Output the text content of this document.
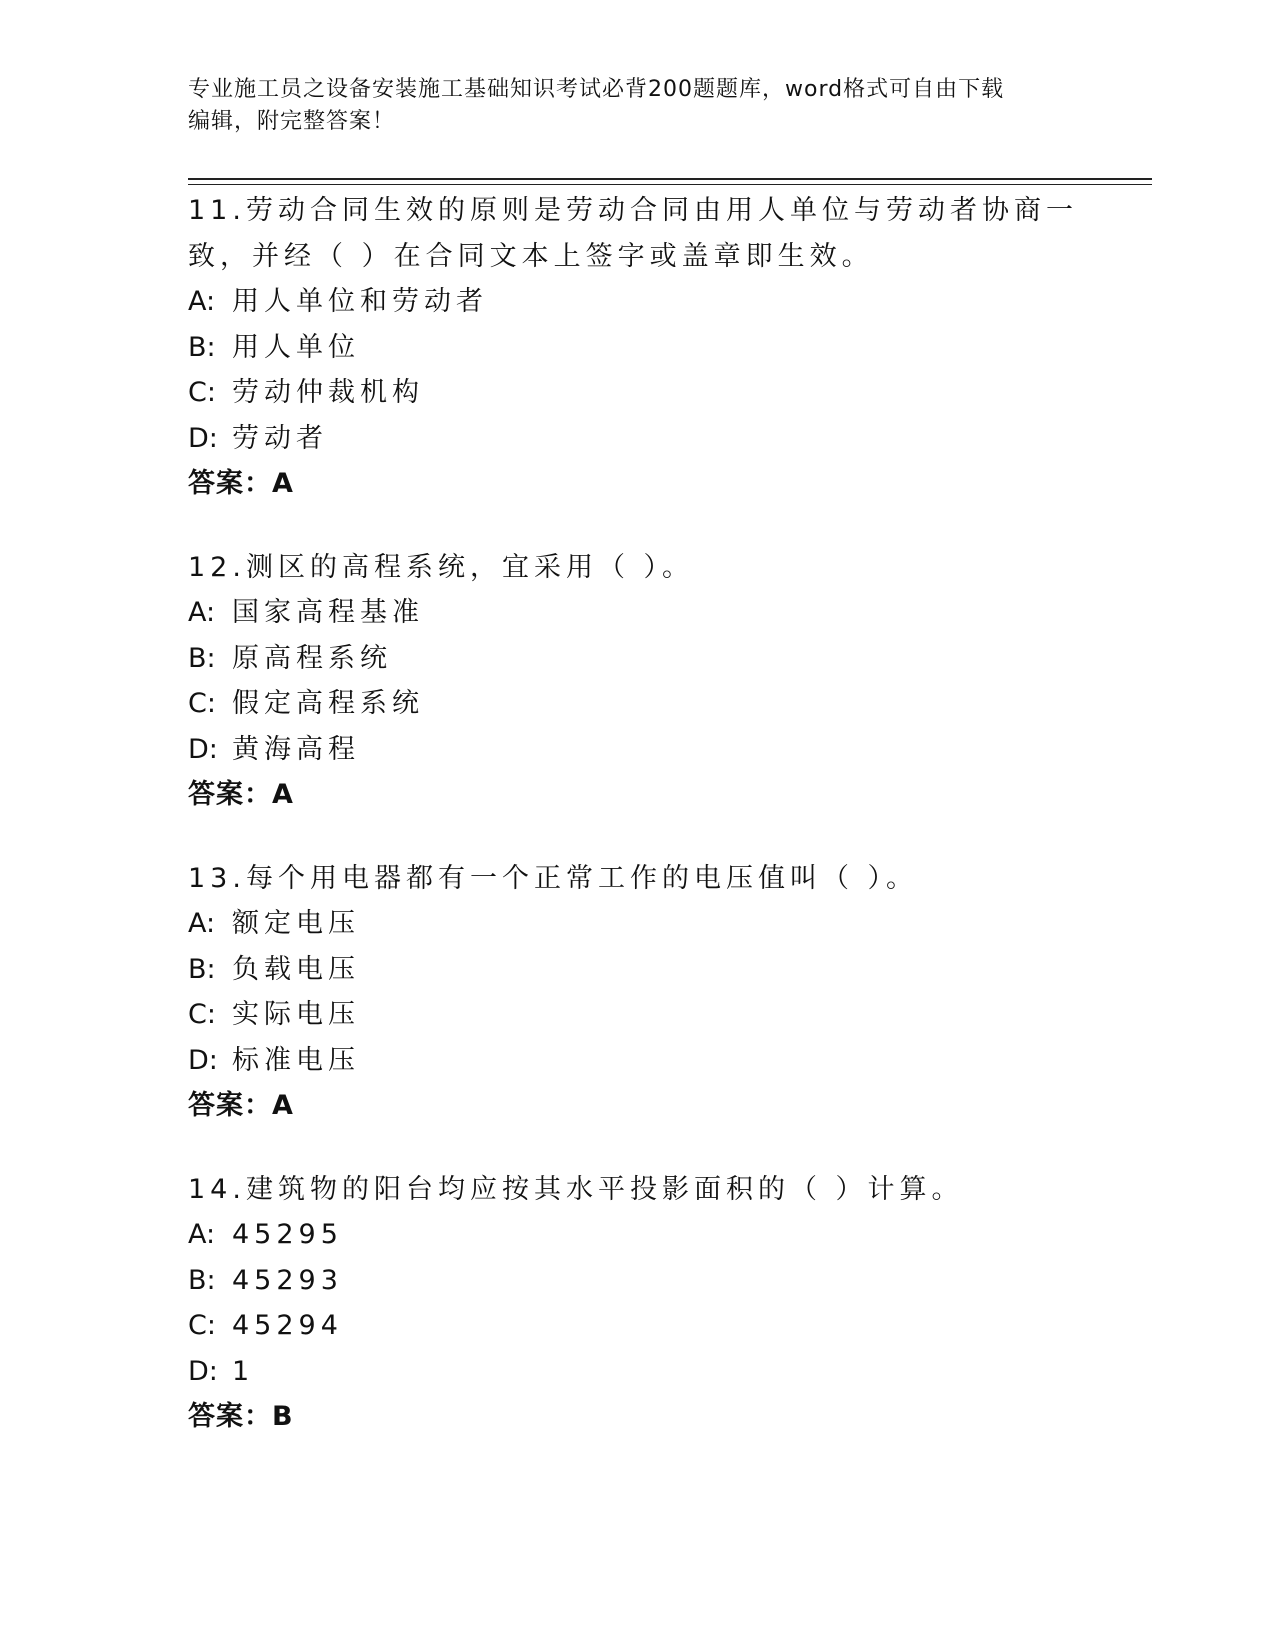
专业施工员之设备安装施工基础知识考试必背200题题库，word格式可自由下载
编辑，附完整答案！
11.劳动合同生效的原则是劳动合同由用人单位与劳动者协商一致，并经（ ）在合同文本上签字或盖章即生效。
A: 用人单位和劳动者
B: 用人单位
C: 劳动仲裁机构
D: 劳动者
答案：A
12.测区的高程系统，宜采用（ ）。
A: 国家高程基准
B: 原高程系统
C: 假定高程系统
D: 黄海高程
答案：A
13.每个用电器都有一个正常工作的电压值叫（ ）。
A: 额定电压
B: 负载电压
C: 实际电压
D: 标准电压
答案：A
14.建筑物的阳台均应按其水平投影面积的（ ）计算。
A: 45295
B: 45293
C: 45294
D: 1
答案：B
